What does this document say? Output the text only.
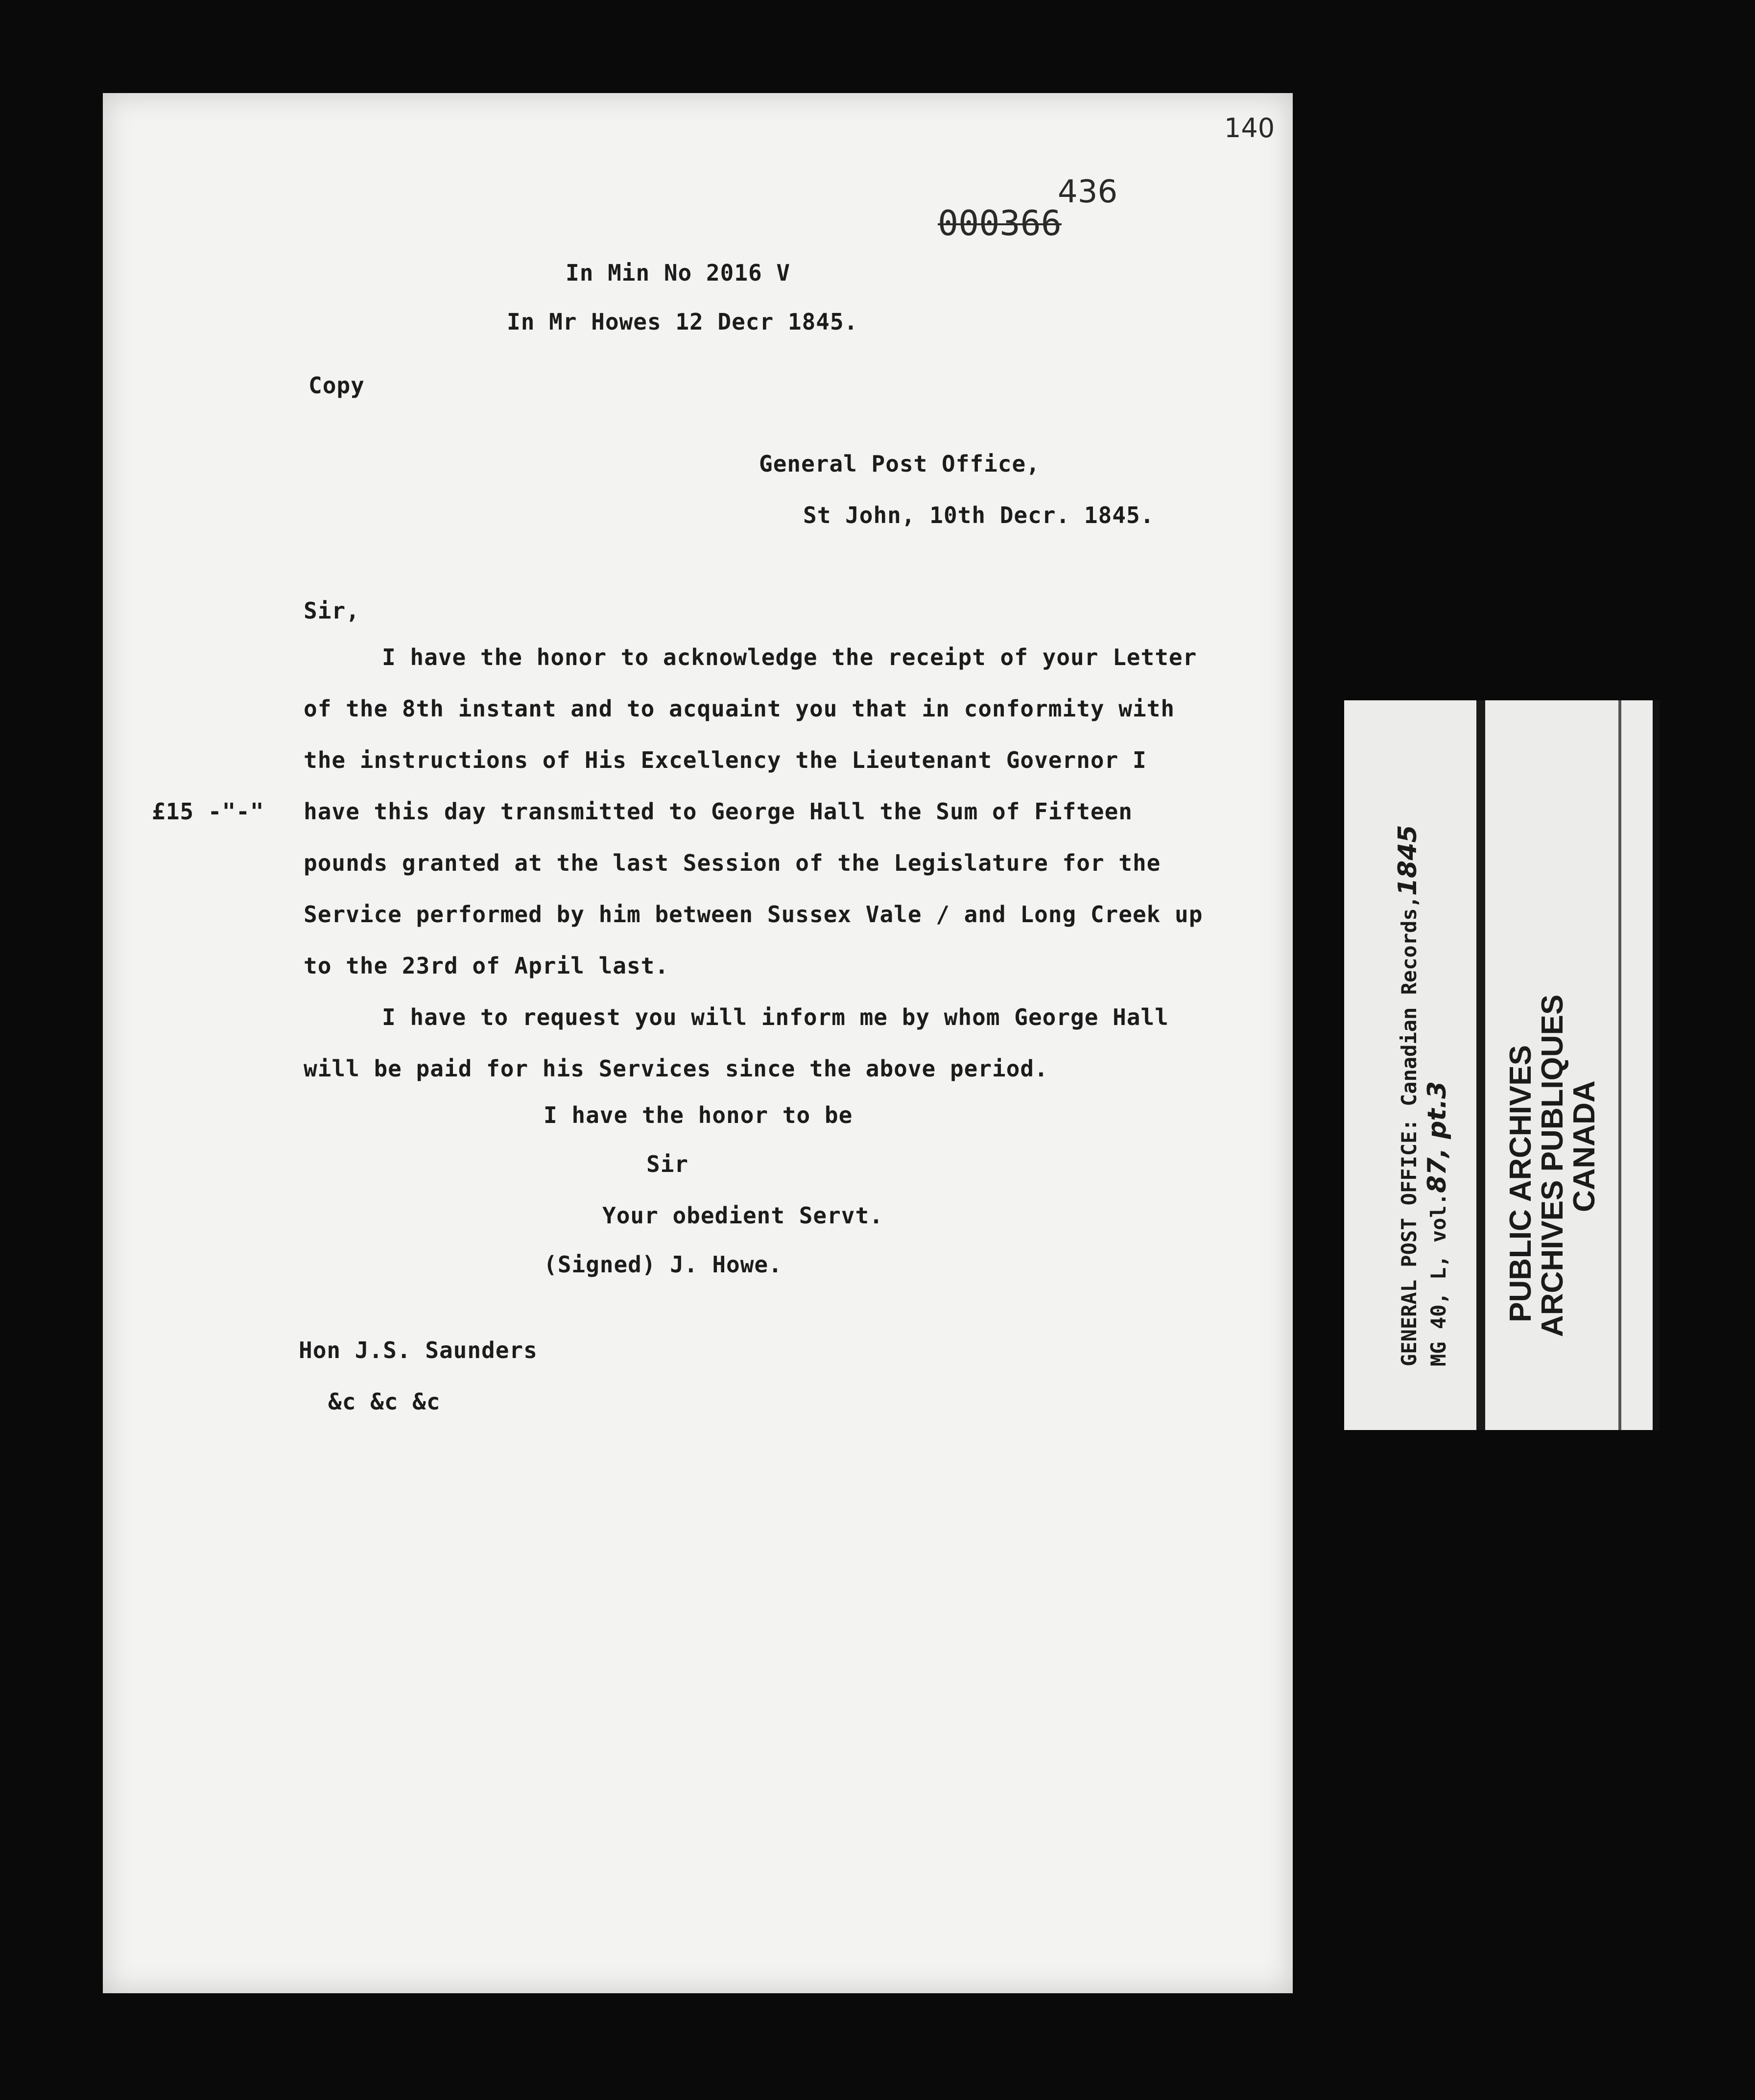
140
436
000366
In Min No 2016 V
In Mr Howes 12 Decr 1845.
Copy
General Post Office,
St John, 10th Decr. 1845.
Sir,
I have the honor to acknowledge the receipt of your Letter
of the 8th instant and to acquaint you that in conformity with
the instructions of His Excellency the Lieutenant Governor I
£15 -"-" have this day transmitted to George Hall the Sum of Fifteen
pounds granted at the last Session of the Legislature for the
Service performed by him between Sussex Vale / and Long Creek up
to the 23rd of April last.
I have to request you will inform me by whom George Hall
will be paid for his Services since the above period.
I have the honor to be
Sir
Your obedient Servt.
(Signed) J. Howe.
Hon J.S. Saunders
&c &c &c
GENERAL POST OFFICE: Canadian Records,1845
MG 40, L, vol.87, pt.3 PUBLIC ARCHIVES
ARCHIVES PUBLIQUES
CANADA
